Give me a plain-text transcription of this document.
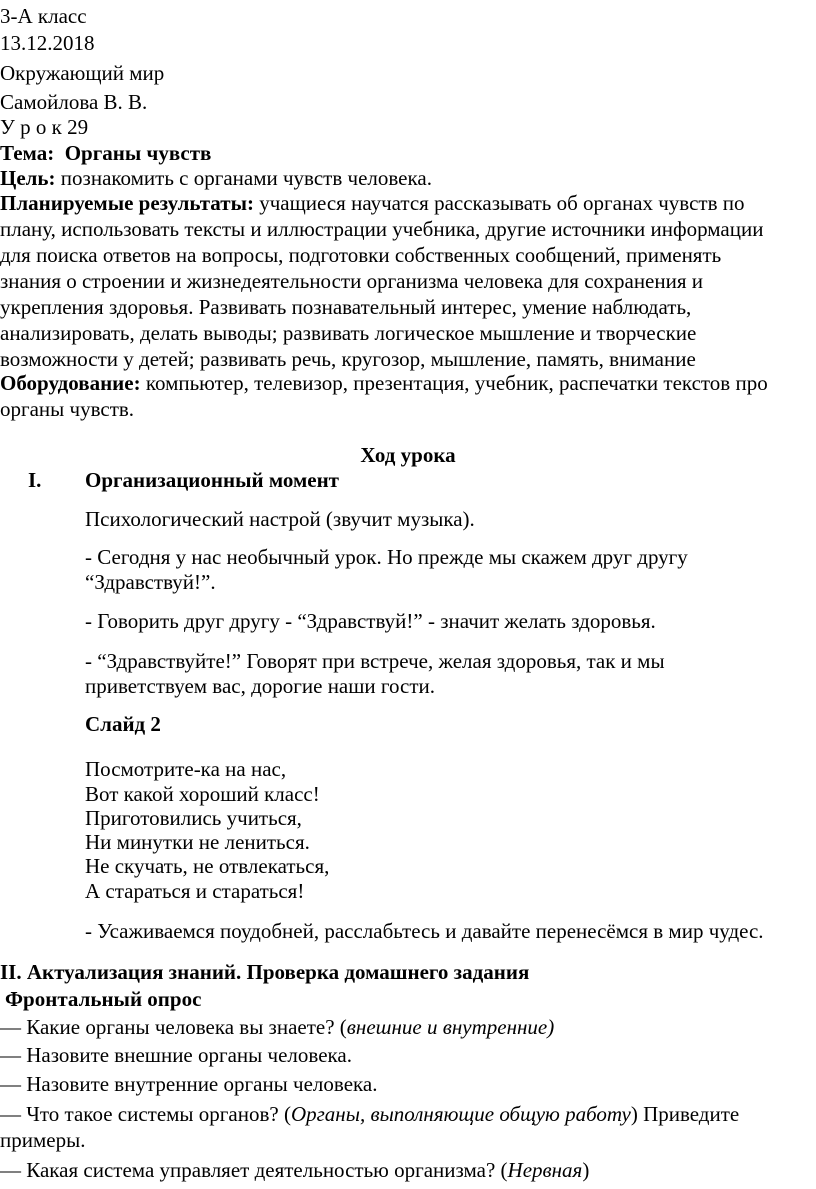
3-А класс
13.12.2018
Окружающий мир
Самойлова В. В.
У р о к 29
Тема: Органы чувств
Цель: познакомить с органами чувств человека.
Планируемые результаты: учащиеся научатся рассказывать об органах чувств по
плану, использовать тексты и иллюстрации учебника, другие источники информации
для поиска ответов на вопросы, подготовки собственных сообщений, применять
знания о строении и жизнедеятельности организма человека для сохранения и
укрепления здоровья. Развивать познавательный интерес, умение наблюдать,
анализировать, делать выводы; развивать логическое мышление и творческие
возможности у детей; развивать речь, кругозор, мышление, память, внимание
Оборудование: компьютер, телевизор, презентация, учебник, распечатки текстов про
органы чувств.
Ход урока
I. Организационный момент
Психологический настрой (звучит музыка).
- Сегодня у нас необычный урок. Но прежде мы скажем друг другу
“Здравствуй!”.
- Говорить друг другу - “Здравствуй!” - значит желать здоровья.
- “Здравствуйте!” Говорят при встрече, желая здоровья, так и мы
приветствуем вас, дорогие наши гости.
Слайд 2
Посмотрите-ка на нас,
Вот какой хороший класс!
Приготовились учиться,
Ни минутки не лениться.
Не скучать, не отвлекаться,
А стараться и стараться!
- Усаживаемся поудобней, расслабьтесь и давайте перенесёмся в мир чудес.
II. Актуализация знаний. Проверка домашнего задания
Фронтальный опрос
— Какие органы человека вы знаете? (внешние и внутренние)
— Назовите внешние органы человека.
— Назовите внутренние органы человека.
— Что такое системы органов? (Органы, выполняющие общую работу) Приведите
примеры.
— Какая система управляет деятельностью организма? (Нервная)
